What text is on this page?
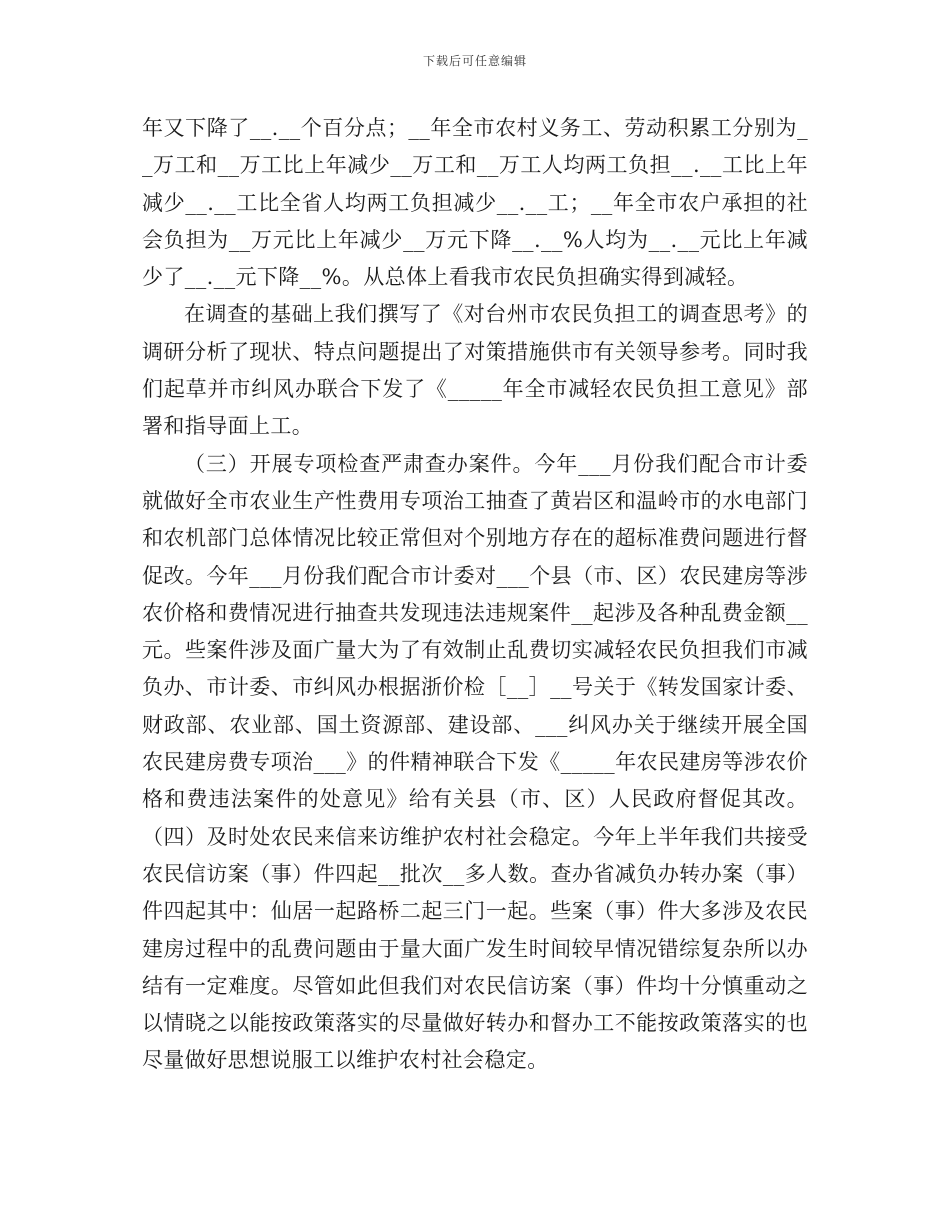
下载后可任意编辑

年又下降了__.__个百分点；__年全市农村义务工、劳动积累工分别为__万工和__万工比上年减少__万工和__万工人均两工负担__.__工比上年减少__.__工比全省人均两工负担减少__.__工；__年全市农户承担的社会负担为__万元比上年减少__万元下降__.__%人均为__.__元比上年减少了__.__元下降__%。从总体上看我市农民负担确实得到减轻。

在调查的基础上我们撰写了《对台州市农民负担工的调查思考》的调研分析了现状、特点问题提出了对策措施供市有关领导参考。同时我们起草并市纠风办联合下发了《_____年全市减轻农民负担工意见》部署和指导面上工。

（三）开展专项检查严肃查办案件。今年___月份我们配合市计委就做好全市农业生产性费用专项治工抽查了黄岩区和温岭市的水电部门和农机部门总体情况比较正常但对个别地方存在的超标准费问题进行督促改。今年___月份我们配合市计委对___个县（市、区）农民建房等涉农价格和费情况进行抽查共发现违法违规案件__起涉及各种乱费金额__元。些案件涉及面广量大为了有效制止乱费切实减轻农民负担我们市减负办、市计委、市纠风办根据浙价检［__］__号关于《转发国家计委、财政部、农业部、国土资源部、建设部、___纠风办关于继续开展全国农民建房费专项治___》的件精神联合下发《_____年农民建房等涉农价格和费违法案件的处意见》给有关县（市、区）人民政府督促其改。（四）及时处农民来信来访维护农村社会稳定。今年上半年我们共接受农民信访案（事）件四起__批次__多人数。查办省减负办转办案（事）件四起其中：仙居一起路桥二起三门一起。些案（事）件大多涉及农民建房过程中的乱费问题由于量大面广发生时间较早情况错综复杂所以办结有一定难度。尽管如此但我们对农民信访案（事）件均十分慎重动之以情晓之以能按政策落实的尽量做好转办和督办工不能按政策落实的也尽量做好思想说服工以维护农村社会稳定。
